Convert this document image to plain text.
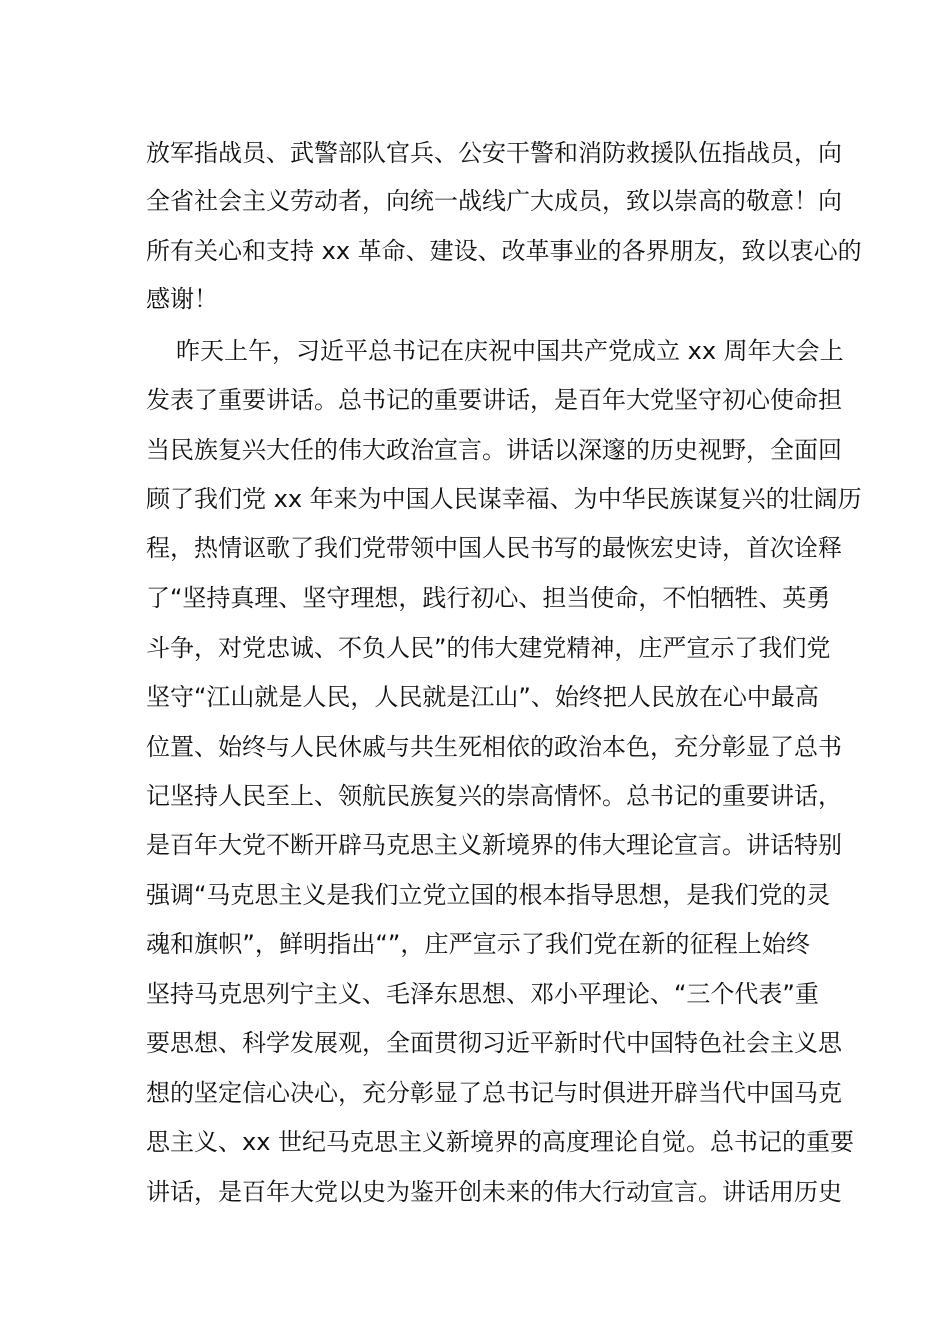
放军指战员、武警部队官兵、公安干警和消防救援队伍指战员，向
全省社会主义劳动者，向统一战线广大成员，致以崇高的敬意！向
所有关心和支持 xx 革命、建设、改革事业的各界朋友，致以衷心的
感谢！
昨天上午，习近平总书记在庆祝中国共产党成立 xx 周年大会上
发表了重要讲话。总书记的重要讲话，是百年大党坚守初心使命担
当民族复兴大任的伟大政治宣言。讲话以深邃的历史视野，全面回
顾了我们党 xx 年来为中国人民谋幸福、为中华民族谋复兴的壮阔历
程，热情讴歌了我们党带领中国人民书写的最恢宏史诗，首次诠释
了“坚持真理、坚守理想，践行初心、担当使命，不怕牺牲、英勇
斗争，对党忠诚、不负人民”的伟大建党精神，庄严宣示了我们党
坚守“江山就是人民，人民就是江山”、始终把人民放在心中最高
位置、始终与人民休戚与共生死相依的政治本色，充分彰显了总书
记坚持人民至上、领航民族复兴的崇高情怀。总书记的重要讲话，
是百年大党不断开辟马克思主义新境界的伟大理论宣言。讲话特别
强调“马克思主义是我们立党立国的根本指导思想，是我们党的灵
魂和旗帜”，鲜明指出“”，庄严宣示了我们党在新的征程上始终
坚持马克思列宁主义、毛泽东思想、邓小平理论、“三个代表”重
要思想、科学发展观，全面贯彻习近平新时代中国特色社会主义思
想的坚定信心决心，充分彰显了总书记与时俱进开辟当代中国马克
思主义、xx 世纪马克思主义新境界的高度理论自觉。总书记的重要
讲话，是百年大党以史为鉴开创未来的伟大行动宣言。讲话用历史
